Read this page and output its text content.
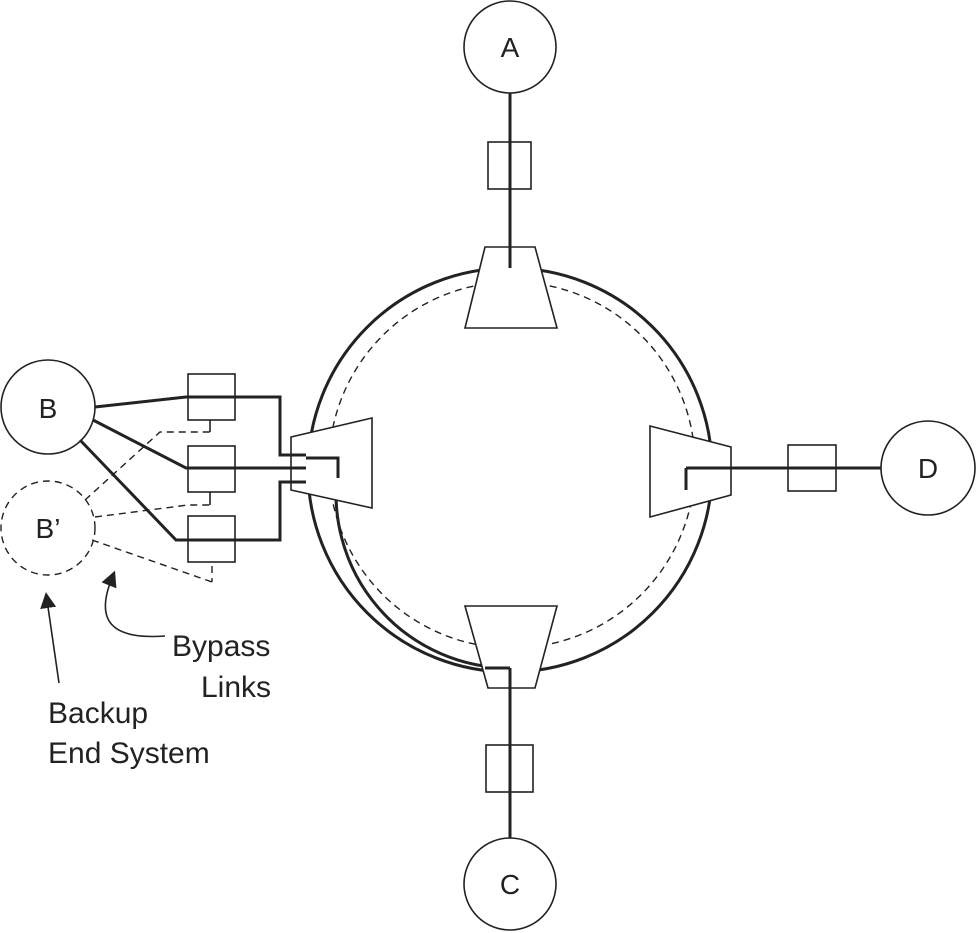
A
D
C
B
B’
Bypass
Links
Backup
End System
